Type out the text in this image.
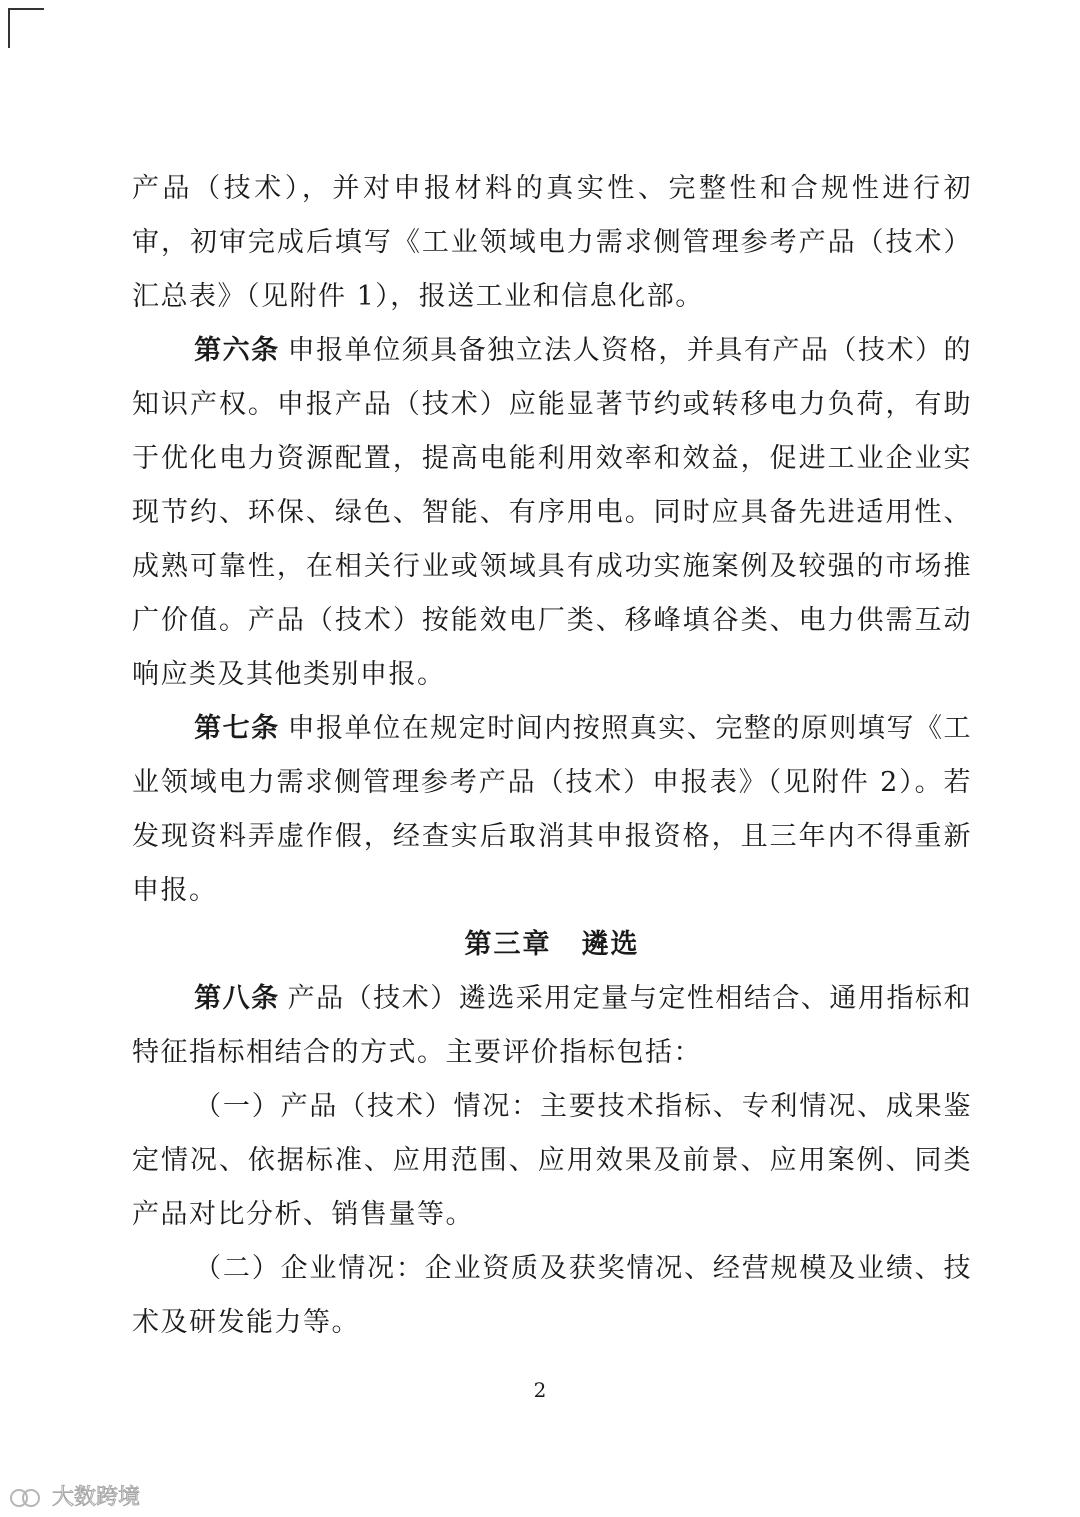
产品（技术），并对申报材料的真实性、完整性和合规性进行初审，初审完成后填写《工业领域电力需求侧管理参考产品（技术）汇总表》（见附件 1），报送工业和信息化部。

第六条 申报单位须具备独立法人资格，并具有产品（技术）的知识产权。申报产品（技术）应能显著节约或转移电力负荷，有助于优化电力资源配置，提高电能利用效率和效益，促进工业企业实现节约、环保、绿色、智能、有序用电。同时应具备先进适用性、成熟可靠性，在相关行业或领域具有成功实施案例及较强的市场推广价值。产品（技术）按能效电厂类、移峰填谷类、电力供需互动响应类及其他类别申报。

第七条 申报单位在规定时间内按照真实、完整的原则填写《工业领域电力需求侧管理参考产品（技术）申报表》（见附件 2）。若发现资料弄虚作假，经查实后取消其申报资格，且三年内不得重新申报。

第三章 遴选

第八条 产品（技术）遴选采用定量与定性相结合、通用指标和特征指标相结合的方式。主要评价指标包括：

（一）产品（技术）情况：主要技术指标、专利情况、成果鉴定情况、依据标准、应用范围、应用效果及前景、应用案例、同类产品对比分析、销售量等。

（二）企业情况：企业资质及获奖情况、经营规模及业绩、技术及研发能力等。

2
大数跨境
